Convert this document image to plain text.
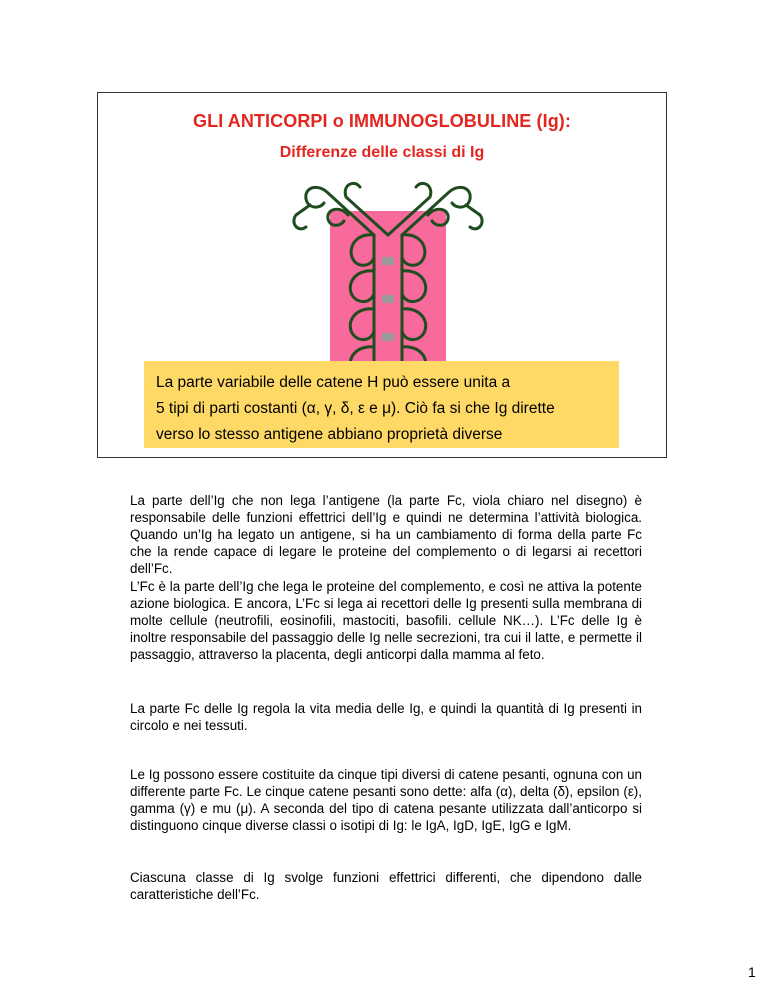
GLI ANTICORPI o IMMUNOGLOBULINE (Ig):
Differenze delle classi di Ig
La parte variabile delle catene H può essere unita a
5 tipi di parti costanti (α, γ, δ, ε e μ). Ciò fa si che Ig dirette
verso lo stesso antigene abbiano proprietà diverse
La parte dell’Ig che non lega l’antigene (la parte Fc, viola chiaro nel disegno) è responsabile delle funzioni effettrici dell’Ig e quindi ne determina l’attività biologica. Quando un’Ig ha legato un antigene, si ha un cambiamento di forma della parte Fc che la rende capace di legare le proteine del complemento o di legarsi ai recettori dell’Fc.
L’Fc è la parte dell’Ig che lega le proteine del complemento, e così ne attiva la potente azione biologica. E ancora, L’Fc si lega ai recettori delle Ig presenti sulla membrana di molte cellule (neutrofili, eosinofili, mastociti, basofili. cellule NK…). L’Fc delle Ig è inoltre responsabile del passaggio delle Ig nelle secrezioni, tra cui il latte, e permette il passaggio, attraverso la placenta, degli anticorpi dalla mamma al feto.
La parte Fc delle Ig regola la vita media delle Ig, e quindi la quantità di Ig presenti in circolo e nei tessuti.
Le Ig possono essere costituite da cinque tipi diversi di catene pesanti, ognuna con un differente parte Fc. Le cinque catene pesanti sono dette: alfa (α), delta (δ), epsilon (ε), gamma (γ) e mu (μ). A seconda del tipo di catena pesante utilizzata dall’anticorpo si distinguono cinque diverse classi o isotipi di Ig: le IgA, IgD, IgE, IgG e IgM.
Ciascuna classe di Ig svolge funzioni effettrici differenti, che dipendono dalle caratteristiche dell’Fc.
1
